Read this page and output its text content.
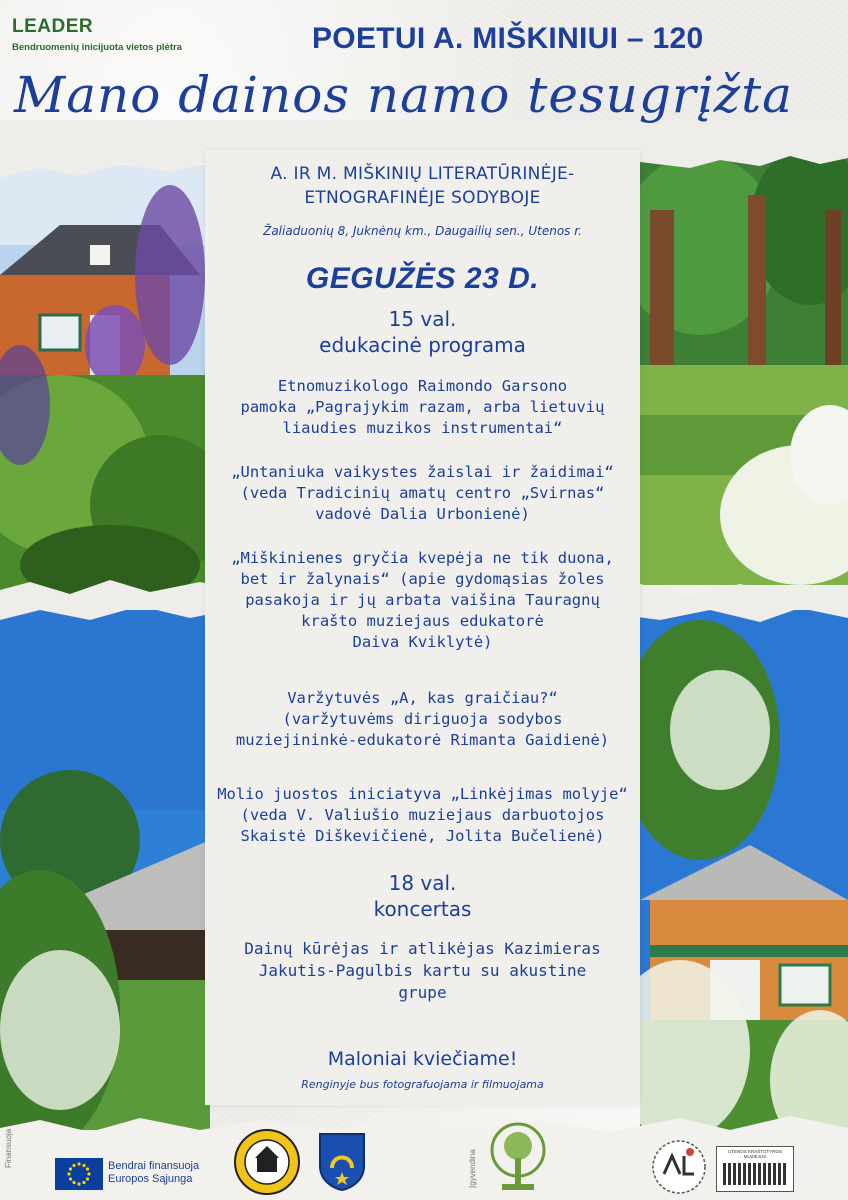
LEADER
Bendruomenių inicijuota vietos plėtra	POETUI A. MIŠKINIUI – 120
Mano dainos namo tesugrįžta
A. IR M. MIŠKINIŲ LITERATŪRINĖJE-
ETNOGRAFINĖJE SODYBOJE
Žaliaduonių 8, Juknėnų km., Daugailių sen., Utenos r.
GEGUŽĖS 23 D.
15 val.
edukacinė programa
Etnomuzikologo Raimondo Garsono
pamoka „Pagrajykim razam, arba lietuvių
liaudies muzikos instrumentai“
„Untaniuka vaikystes žaislai ir žaidimai“
(veda Tradicinių amatų centro „Svirnas“
vadovė Dalia Urbonienė)
„Miškinienes gryčia kvepėja ne tik duona,
bet ir žalynais“ (apie gydomąsias žoles
pasakoja ir jų arbata vaišina Tauragnų
krašto muziejaus edukatorė
Daiva Kviklytė)
Varžytuvės „A, kas graičiau?“
(varžytuvėms diriguoja sodybos
muziejininkė-edukatorė Rimanta Gaidienė)
Molio juostos iniciatyva „Linkėjimas molyje“
(veda V. Valiušio muziejaus darbuotojos
Skaistė Diškevičienė, Jolita Bučelienė)
18 val.
koncertas
Dainų kūrėjas ir atlikėjas Kazimieras
Jakutis-Pagulbis kartu su akustine
grupe
Maloniai kviečiame!
Renginyje bus fotografuojama ir filmuojama
Finansuoja	Bendrai finansuoja
Europos Sąjunga	Įgyvendina	UTENOS KRAŠTOTYROS MUZIEJUS
